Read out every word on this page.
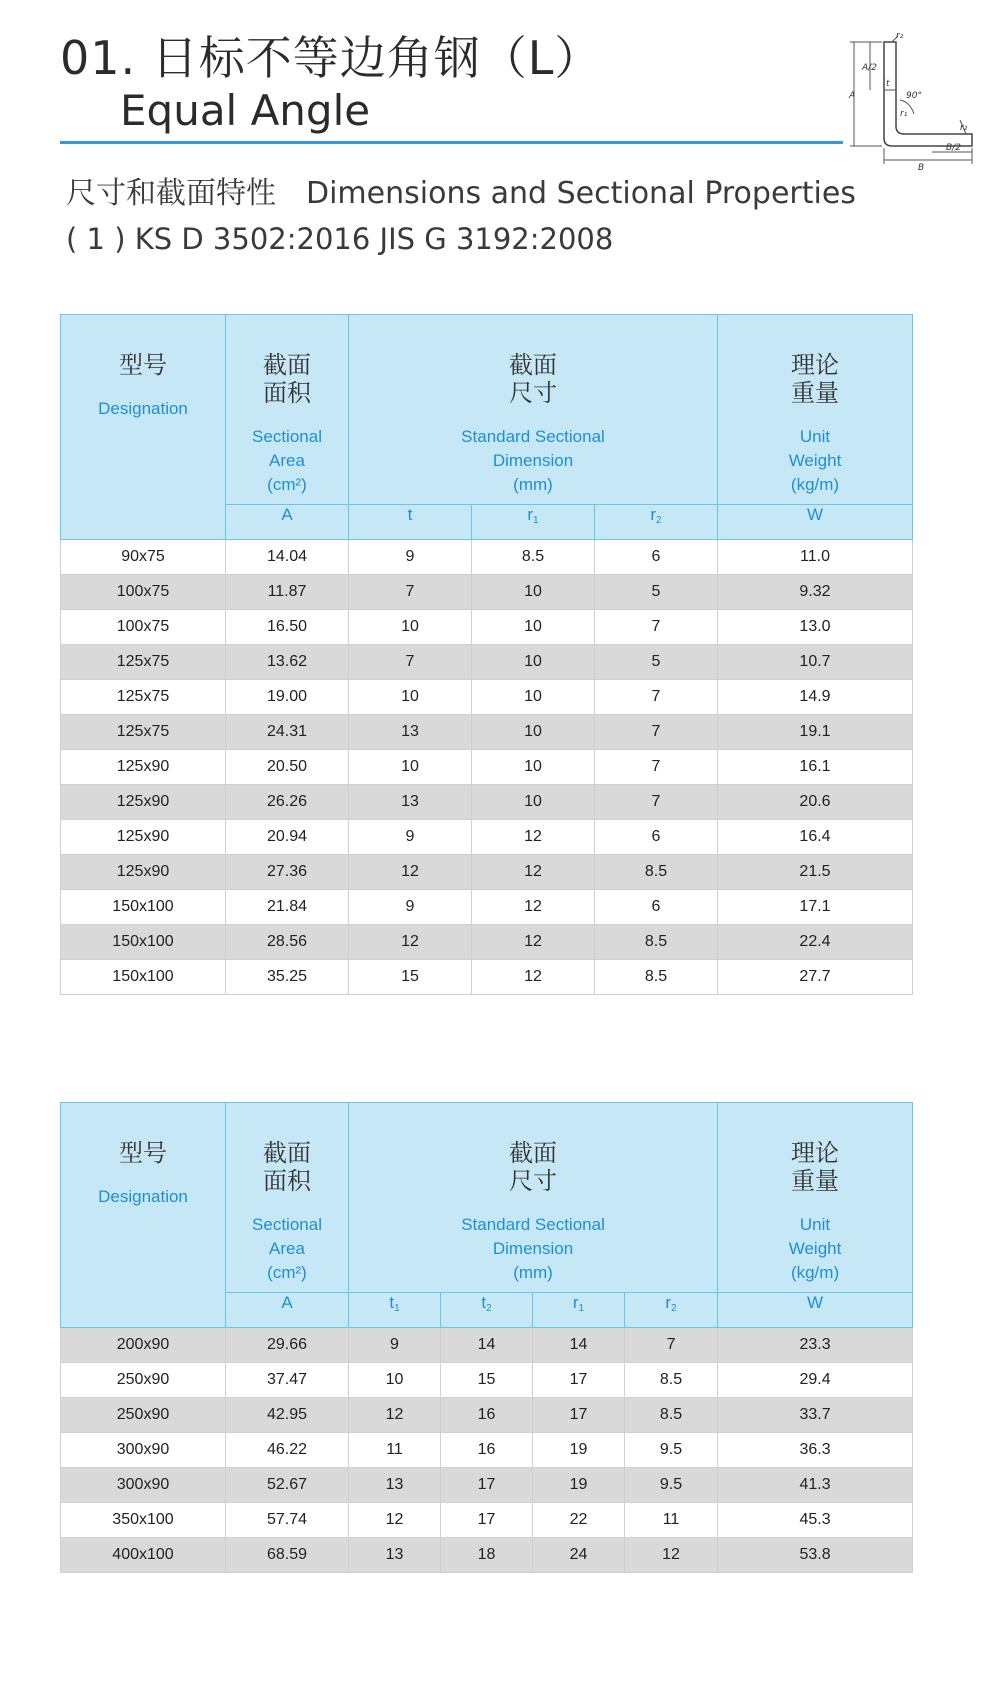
01. 日标不等边角钢（L）
Equal Angle
尺寸和截面特性 Dimensions and Sectional Properties
( 1 ) KS D 3502:2016 JIS G 3192:2008
A
A/2
t
90°
r₁
r₂
r₂
B/2
B
型号
Designation	截面
面积
Sectional
Area
(cm²)	截面
尺寸
Standard Sectional
Dimension
(mm)			理论
重量
Unit
Weight
(kg/m)

	A	t	$r_1$	$r_2$	W
90x75	14.04	9	8.5	6	11.0
100x75	11.87	7	10	5	9.32
100x75	16.50	10	10	7	13.0
125x75	13.62	7	10	5	10.7
125x75	19.00	10	10	7	14.9
125x75	24.31	13	10	7	19.1
125x90	20.50	10	10	7	16.1
125x90	26.26	13	10	7	20.6
125x90	20.94	9	12	6	16.4
125x90	27.36	12	12	8.5	21.5
150x100	21.84	9	12	6	17.1
150x100	28.56	12	12	8.5	22.4
150x100	35.25	15	12	8.5	27.7
型号
Designation	截面
面积
Sectional
Area
(cm²)	截面
尺寸
Standard Sectional
Dimension
(mm)				理论
重量
Unit
Weight
(kg/m)

	A	$t_1$	$t_2$	$r_1$	$r_2$	W
200x90	29.66	9	14	14	7	23.3
250x90	37.47	10	15	17	8.5	29.4
250x90	42.95	12	16	17	8.5	33.7
300x90	46.22	11	16	19	9.5	36.3
300x90	52.67	13	17	19	9.5	41.3
350x100	57.74	12	17	22	11	45.3
400x100	68.59	13	18	24	12	53.8
